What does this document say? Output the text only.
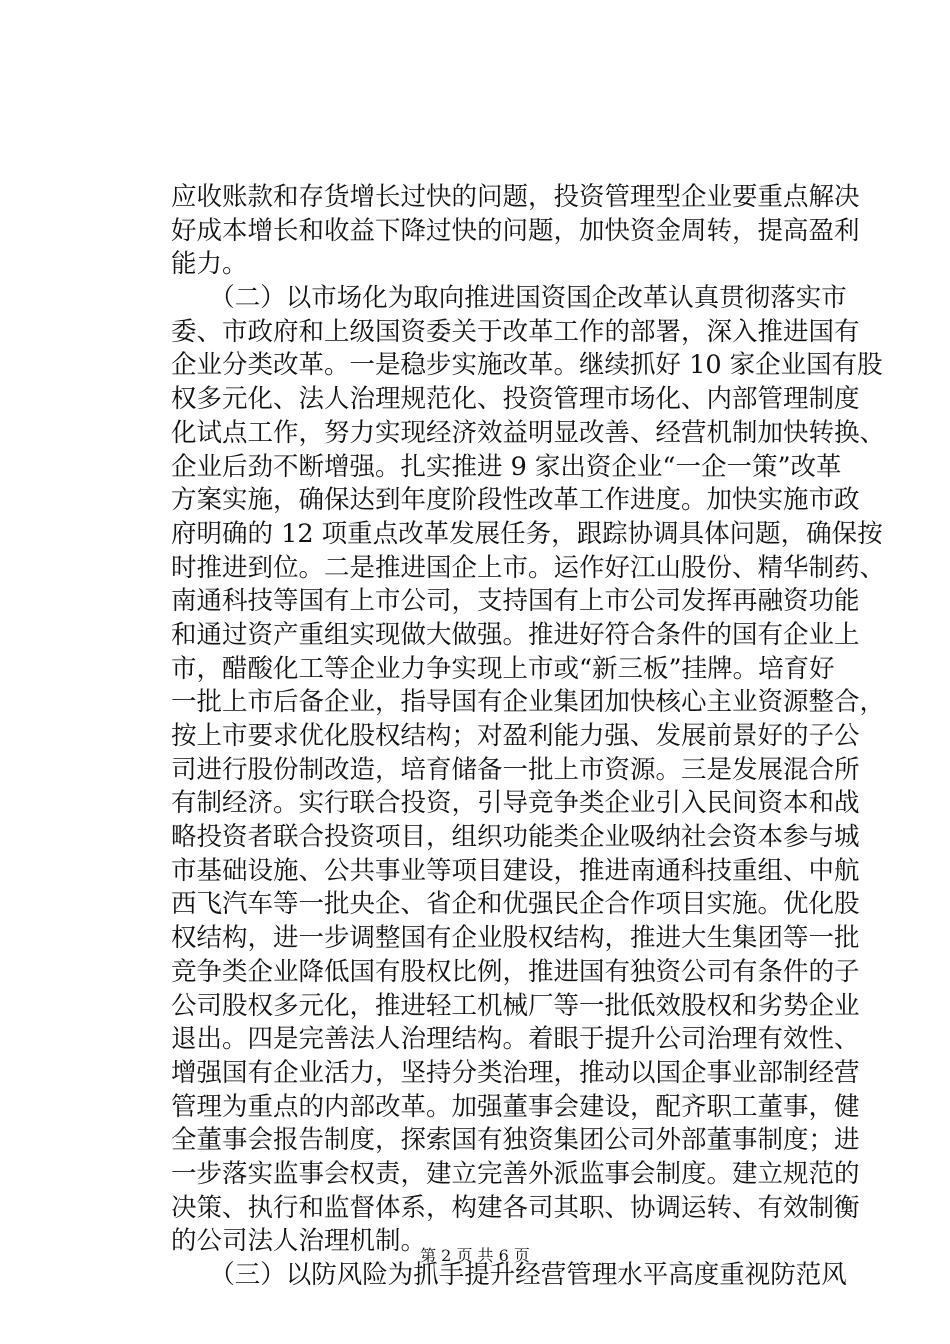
应收账款和存货增长过快的问题，投资管理型企业要重点解决
好成本增长和收益下降过快的问题，加快资金周转，提高盈利
能力。
　　（二）以市场化为取向推进国资国企改革认真贯彻落实市
委、市政府和上级国资委关于改革工作的部署，深入推进国有
企业分类改革。一是稳步实施改革。继续抓好 10 家企业国有股
权多元化、法人治理规范化、投资管理市场化、内部管理制度
化试点工作，努力实现经济效益明显改善、经营机制加快转换、
企业后劲不断增强。扎实推进 9 家出资企业“一企一策”改革
方案实施，确保达到年度阶段性改革工作进度。加快实施市政
府明确的 12 项重点改革发展任务，跟踪协调具体问题，确保按
时推进到位。二是推进国企上市。运作好江山股份、精华制药、
南通科技等国有上市公司，支持国有上市公司发挥再融资功能
和通过资产重组实现做大做强。推进好符合条件的国有企业上
市，醋酸化工等企业力争实现上市或“新三板”挂牌。培育好
一批上市后备企业，指导国有企业集团加快核心主业资源整合，
按上市要求优化股权结构；对盈利能力强、发展前景好的子公
司进行股份制改造，培育储备一批上市资源。三是发展混合所
有制经济。实行联合投资，引导竞争类企业引入民间资本和战
略投资者联合投资项目，组织功能类企业吸纳社会资本参与城
市基础设施、公共事业等项目建设，推进南通科技重组、中航
西飞汽车等一批央企、省企和优强民企合作项目实施。优化股
权结构，进一步调整国有企业股权结构，推进大生集团等一批
竞争类企业降低国有股权比例，推进国有独资公司有条件的子
公司股权多元化，推进轻工机械厂等一批低效股权和劣势企业
退出。四是完善法人治理结构。着眼于提升公司治理有效性、
增强国有企业活力，坚持分类治理，推动以国企事业部制经营
管理为重点的内部改革。加强董事会建设，配齐职工董事，健
全董事会报告制度，探索国有独资集团公司外部董事制度；进
一步落实监事会权责，建立完善外派监事会制度。建立规范的
决策、执行和监督体系，构建各司其职、协调运转、有效制衡
的公司法人治理机制。
　　（三）以防风险为抓手提升经营管理水平高度重视防范风
第 2 页 共 6 页
